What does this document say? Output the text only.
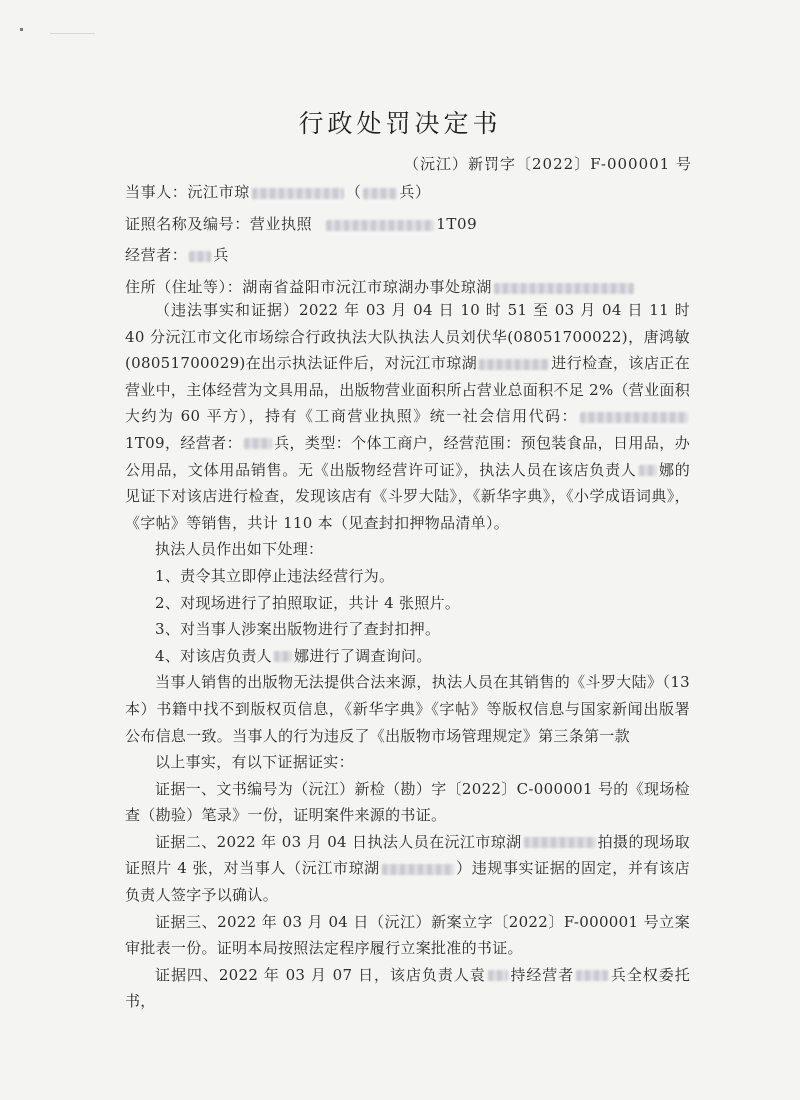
行政处罚决定书
（沅江）新罚字〔2022〕F-000001 号
当事人：沅江市琼	（	兵）
证照名称及编号：营业执照	1T09
经营者： 兵
住所（住址等）：湖南省益阳市沅江市琼湖办事处琼湖

（违法事实和证据）2022 年 03 月 04 日 10 时 51 至 03 月 04 日 11 时 40 分沅江市文化市场综合行政执法大队执法人员刘伏华(08051700022)，唐鸿敏(08051700029)在出示执法证件后，对沅江市琼湖	进行检查，该店正在营业中，主体经营为文具用品，出版物营业面积所占营业总面积不足 2%（营业面积大约为 60 平方），持有《工商营业执照》统一社会信用代码：1T09，经营者： 兵，类型：个体工商户，经营范围：预包装食品，日用品，办公用品，文体用品销售。无《出版物经营许可证》，执法人员在该店负责人 娜的见证下对该店进行检查，发现该店有《斗罗大陆》，《新华字典》，《小学成语词典》，《字帖》等销售，共计 110 本（见查封扣押物品清单）。

执法人员作出如下处理：

1、责令其立即停止违法经营行为。

2、对现场进行了拍照取证，共计 4 张照片。

3、对当事人涉案出版物进行了查封扣押。

4、对该店负责人 娜进行了调查询问。

当事人销售的出版物无法提供合法来源，执法人员在其销售的《斗罗大陆》（13 本）书籍中找不到版权页信息，《新华字典》《字帖》等版权信息与国家新闻出版署公布信息一致。当事人的行为违反了《出版物市场管理规定》第三条第一款

以上事实，有以下证据证实：

证据一、文书编号为（沅江）新检（勘）字〔2022〕C-000001 号的《现场检查（勘验）笔录》一份，证明案件来源的书证。

证据二、2022 年 03 月 04 日执法人员在沅江市琼湖	拍摄的现场取证照片 4 张，对当事人（沅江市琼湖	）违规事实证据的固定，并有该店负责人签字予以确认。

证据三、2022 年 03 月 04 日（沅江）新案立字〔2022〕F-000001 号立案审批表一份。证明本局按照法定程序履行立案批准的书证。

证据四、2022 年 03 月 07 日，该店负责人袁 持经营者 兵全权委托书，
